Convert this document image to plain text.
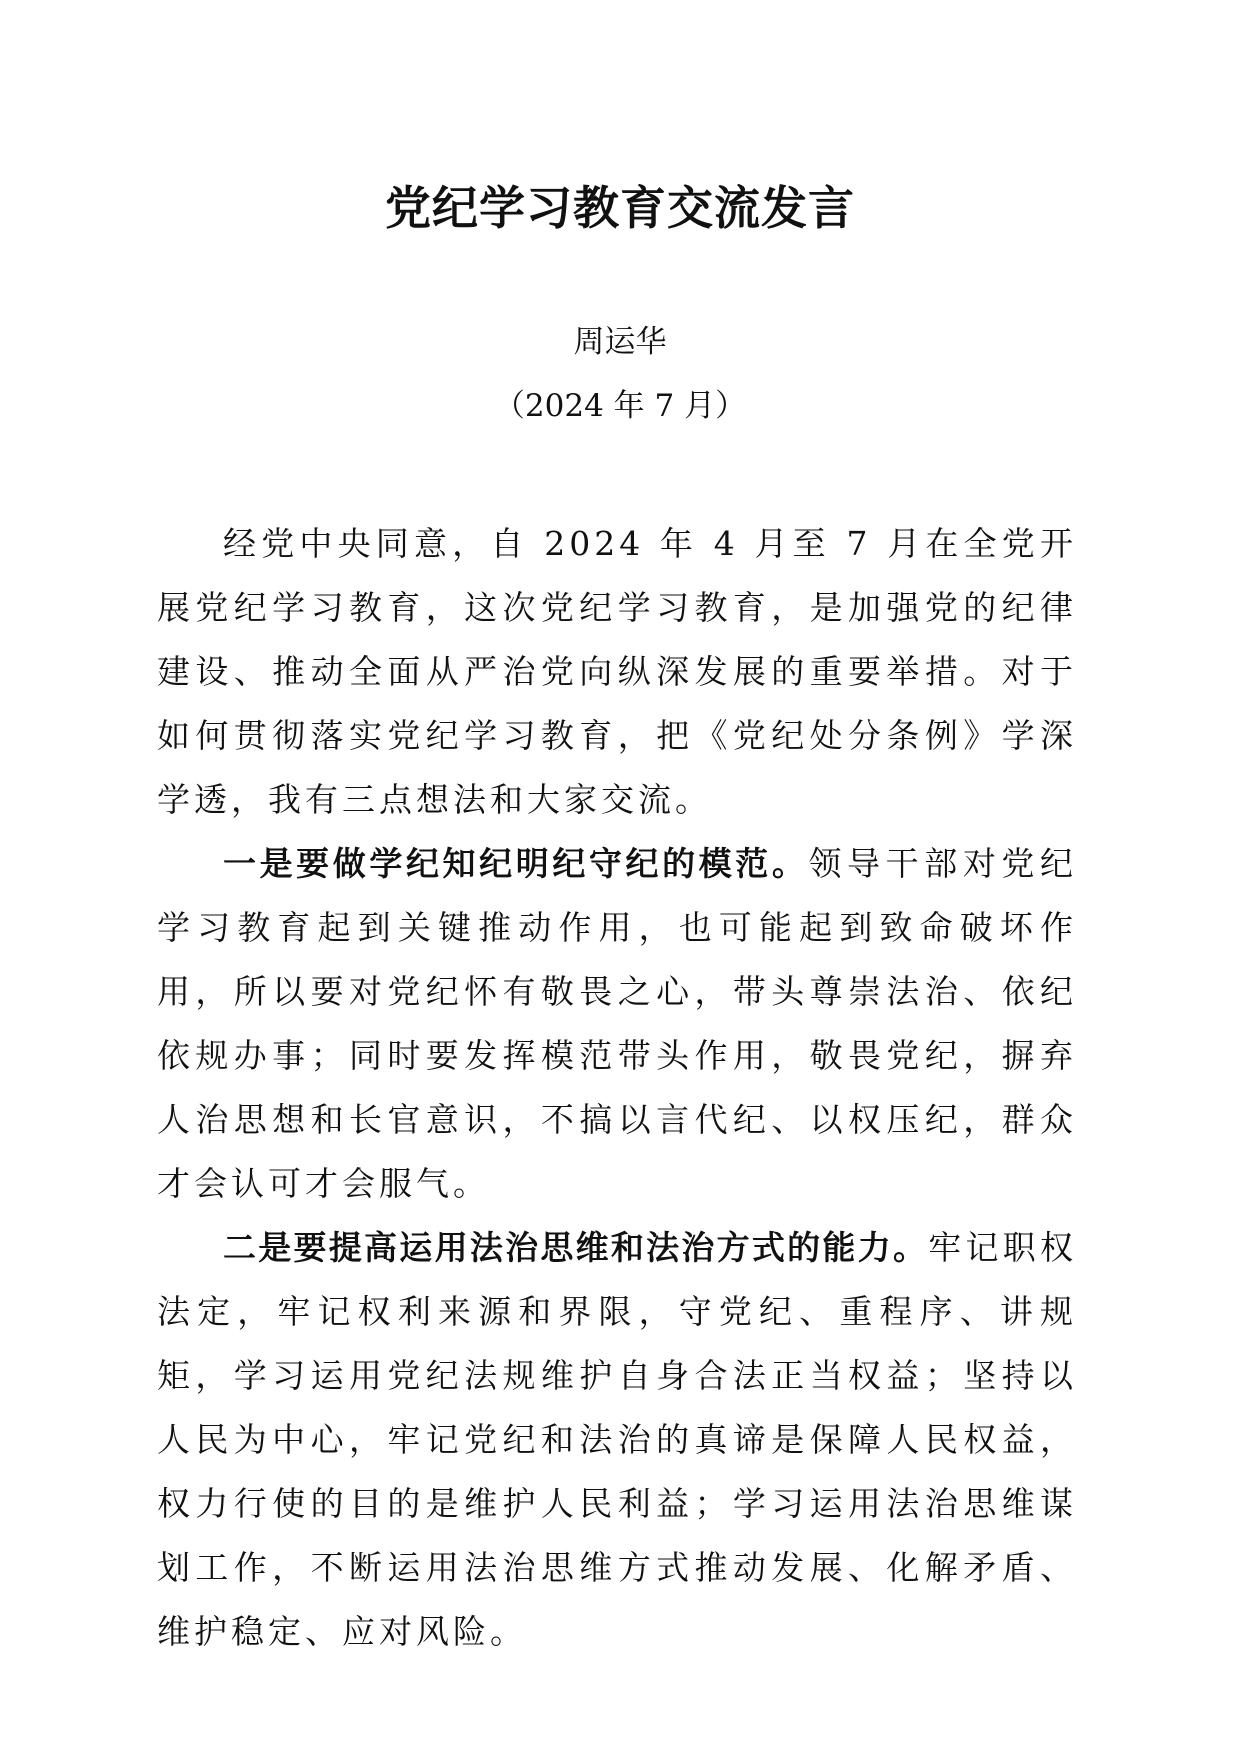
党纪学习教育交流发言
周运华
（2024 年 7 月）

经党中央同意，自 2024 年 4 月至 7 月在全党开展党纪学习教育，这次党纪学习教育，是加强党的纪律建设、推动全面从严治党向纵深发展的重要举措。对于如何贯彻落实党纪学习教育，把《党纪处分条例》学深学透，我有三点想法和大家交流。

一是要做学纪知纪明纪守纪的模范。领导干部对党纪学习教育起到关键推动作用，也可能起到致命破坏作用，所以要对党纪怀有敬畏之心，带头尊崇法治、依纪依规办事；同时要发挥模范带头作用，敬畏党纪，摒弃人治思想和长官意识，不搞以言代纪、以权压纪，群众才会认可才会服气。

二是要提高运用法治思维和法治方式的能力。牢记职权法定，牢记权利来源和界限，守党纪、重程序、讲规矩，学习运用党纪法规维护自身合法正当权益；坚持以人民为中心，牢记党纪和法治的真谛是保障人民权益，权力行使的目的是维护人民利益；学习运用法治思维谋划工作，不断运用法治思维方式推动发展、化解矛盾、维护稳定、应对风险。
